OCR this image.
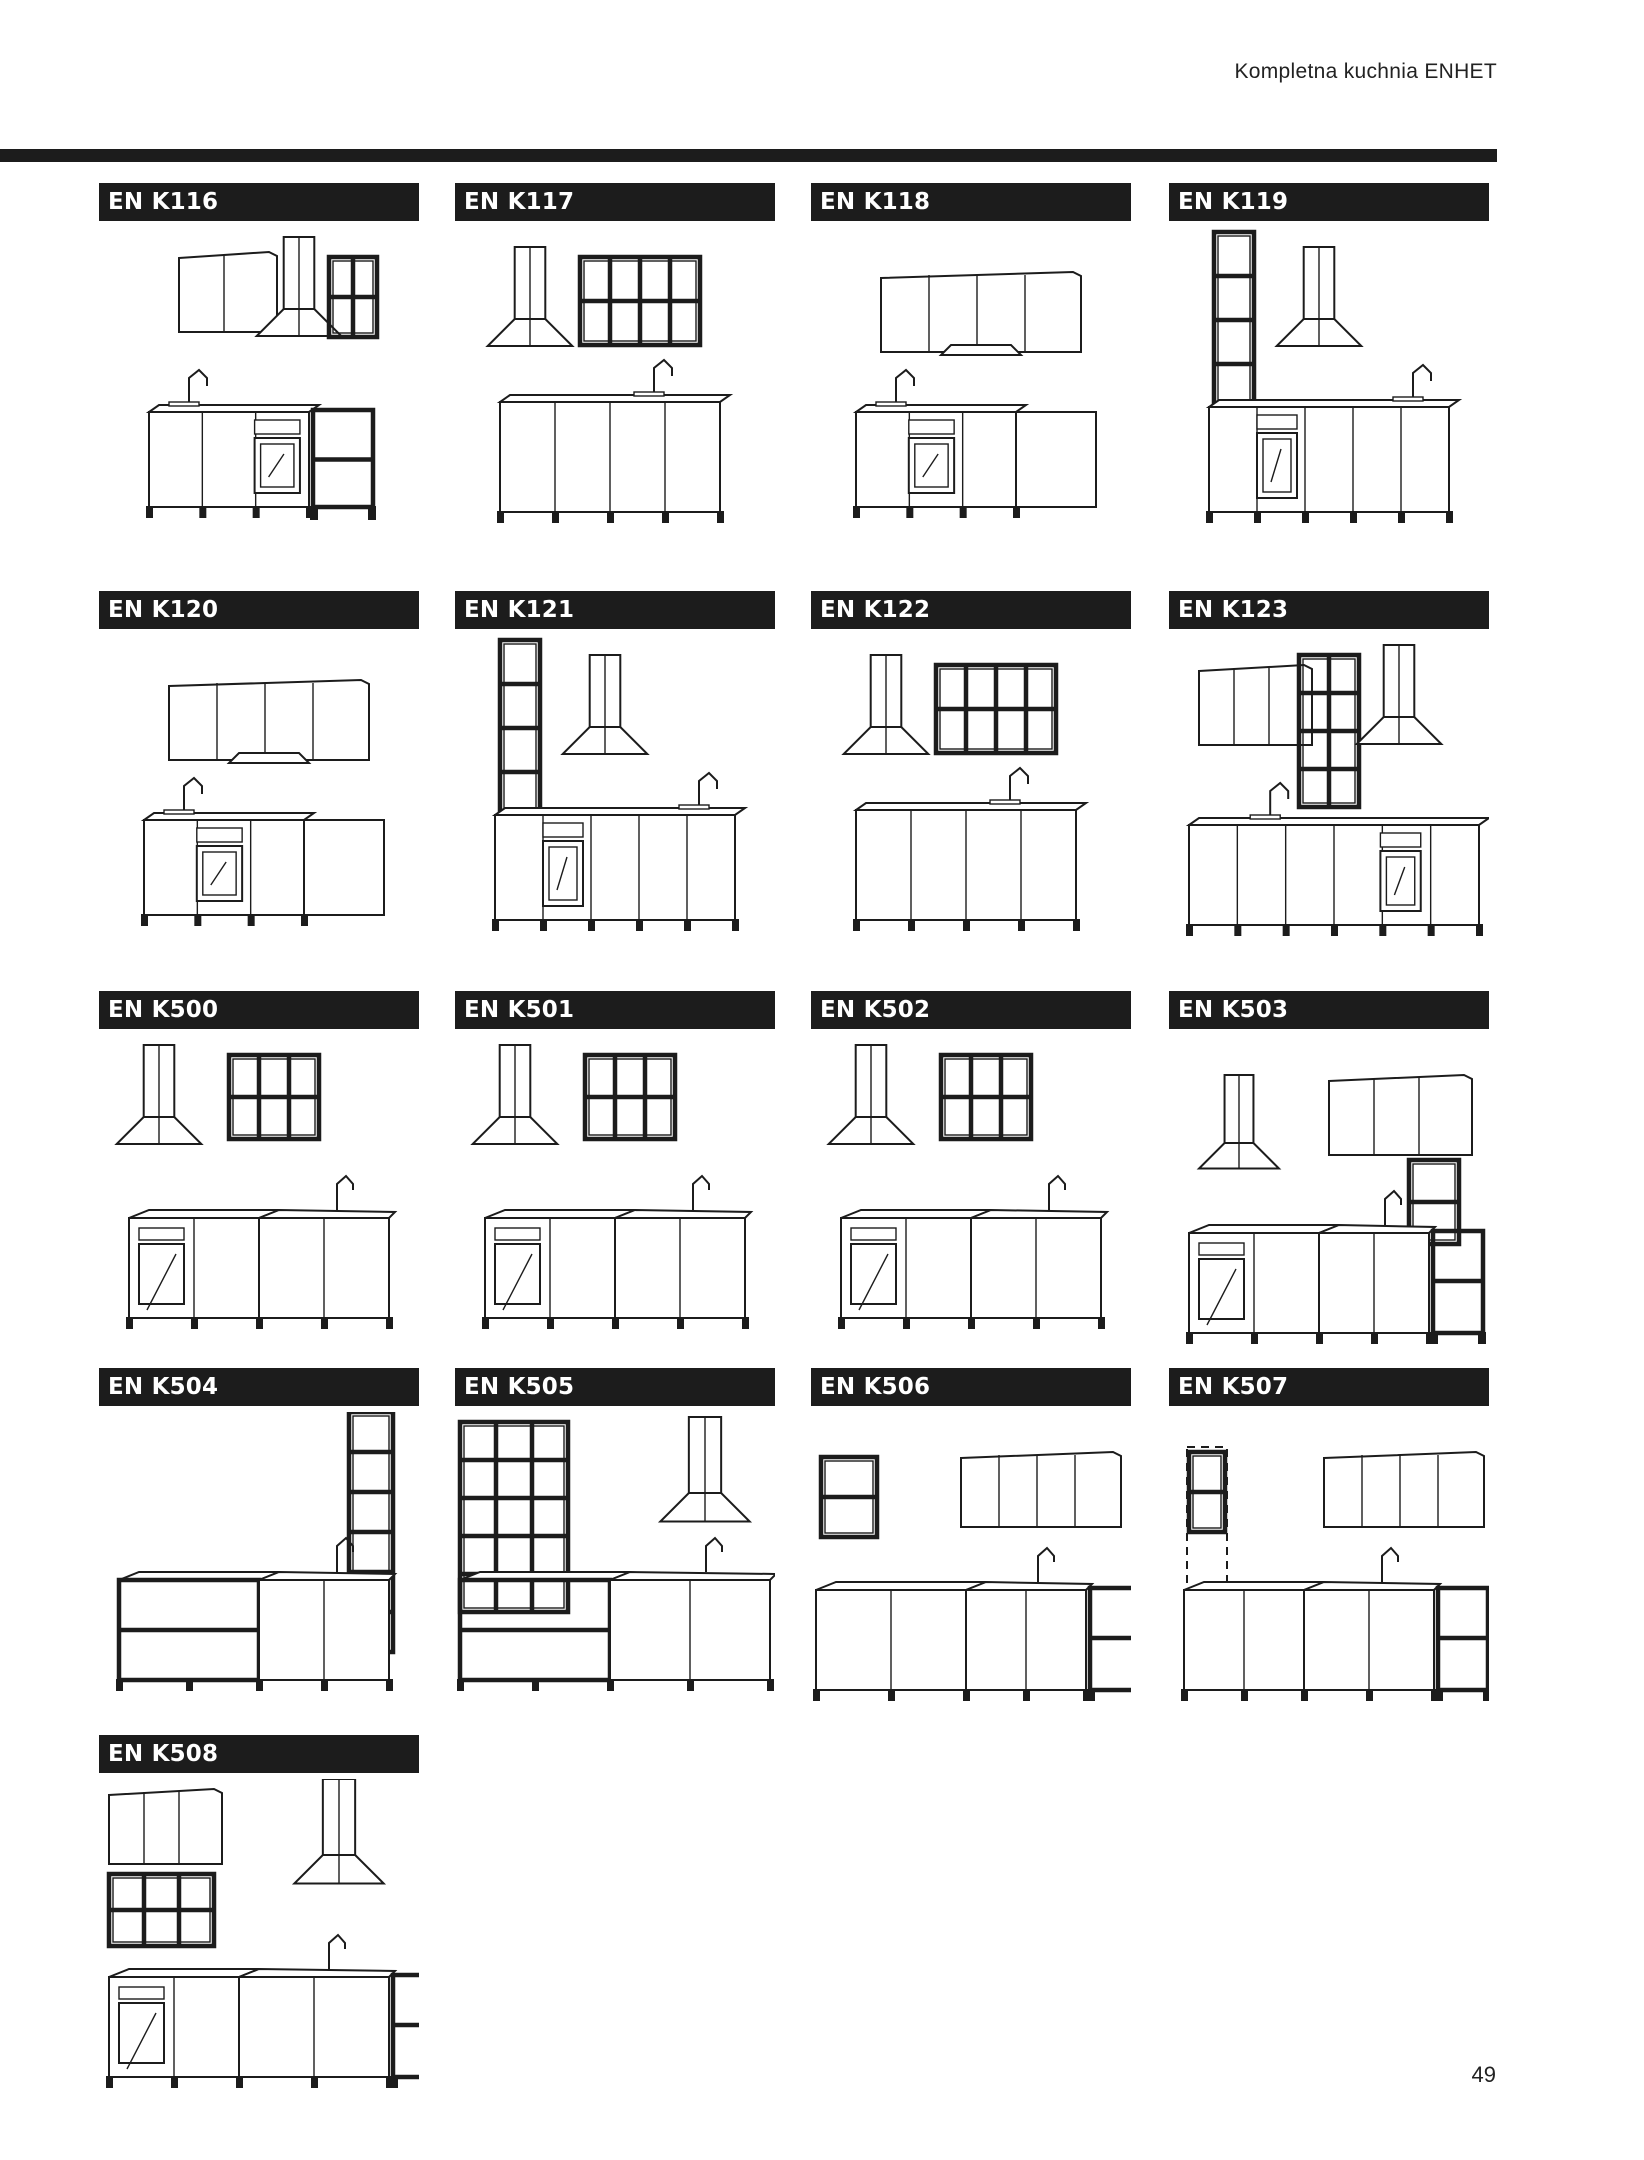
Kompletna kuchnia ENHET
EN K116	EN K117	EN K118	EN K119
EN K120	EN K121	EN K122	EN K123
EN K500	EN K501	EN K502	EN K503
EN K504	EN K505	EN K506	EN K507
EN K508
49
